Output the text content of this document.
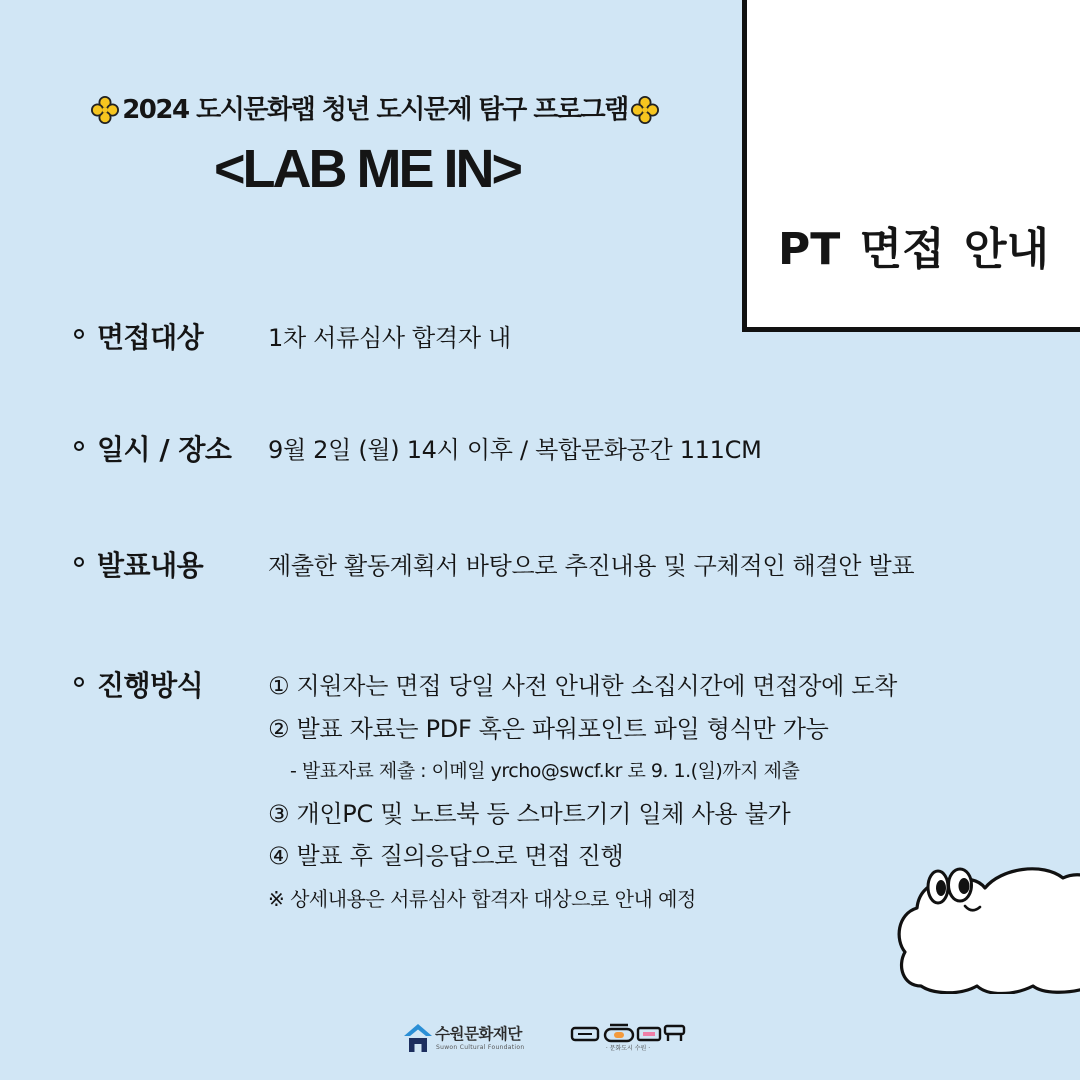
2024 도시문화랩 청년 도시문제 탐구 프로그램
<LAB ME IN>
PT 면접 안내
면접대상	1차 서류심사 합격자 내
일시 / 장소 9월 2일 (월) 14시 이후 / 복합문화공간 111CM
발표내용	제출한 활동계획서 바탕으로 추진내용 및 구체적인 해결안 발표
진행방식	① 지원자는 면접 당일 사전 안내한 소집시간에 면접장에 도착
② 발표 자료는 PDF 혹은 파워포인트 파일 형식만 가능
- 발표자료 제출 : 이메일 yrcho@swcf.kr 로 9. 1.(일)까지 제출
③ 개인PC 및 노트북 등 스마트기기 일체 사용 불가
④ 발표 후 질의응답으로 면접 진행
※ 상세내용은 서류심사 합격자 대상으로 안내 예정
수원문화재단
Suwon Cultural Foundation	· 문화도시 수원 ·
